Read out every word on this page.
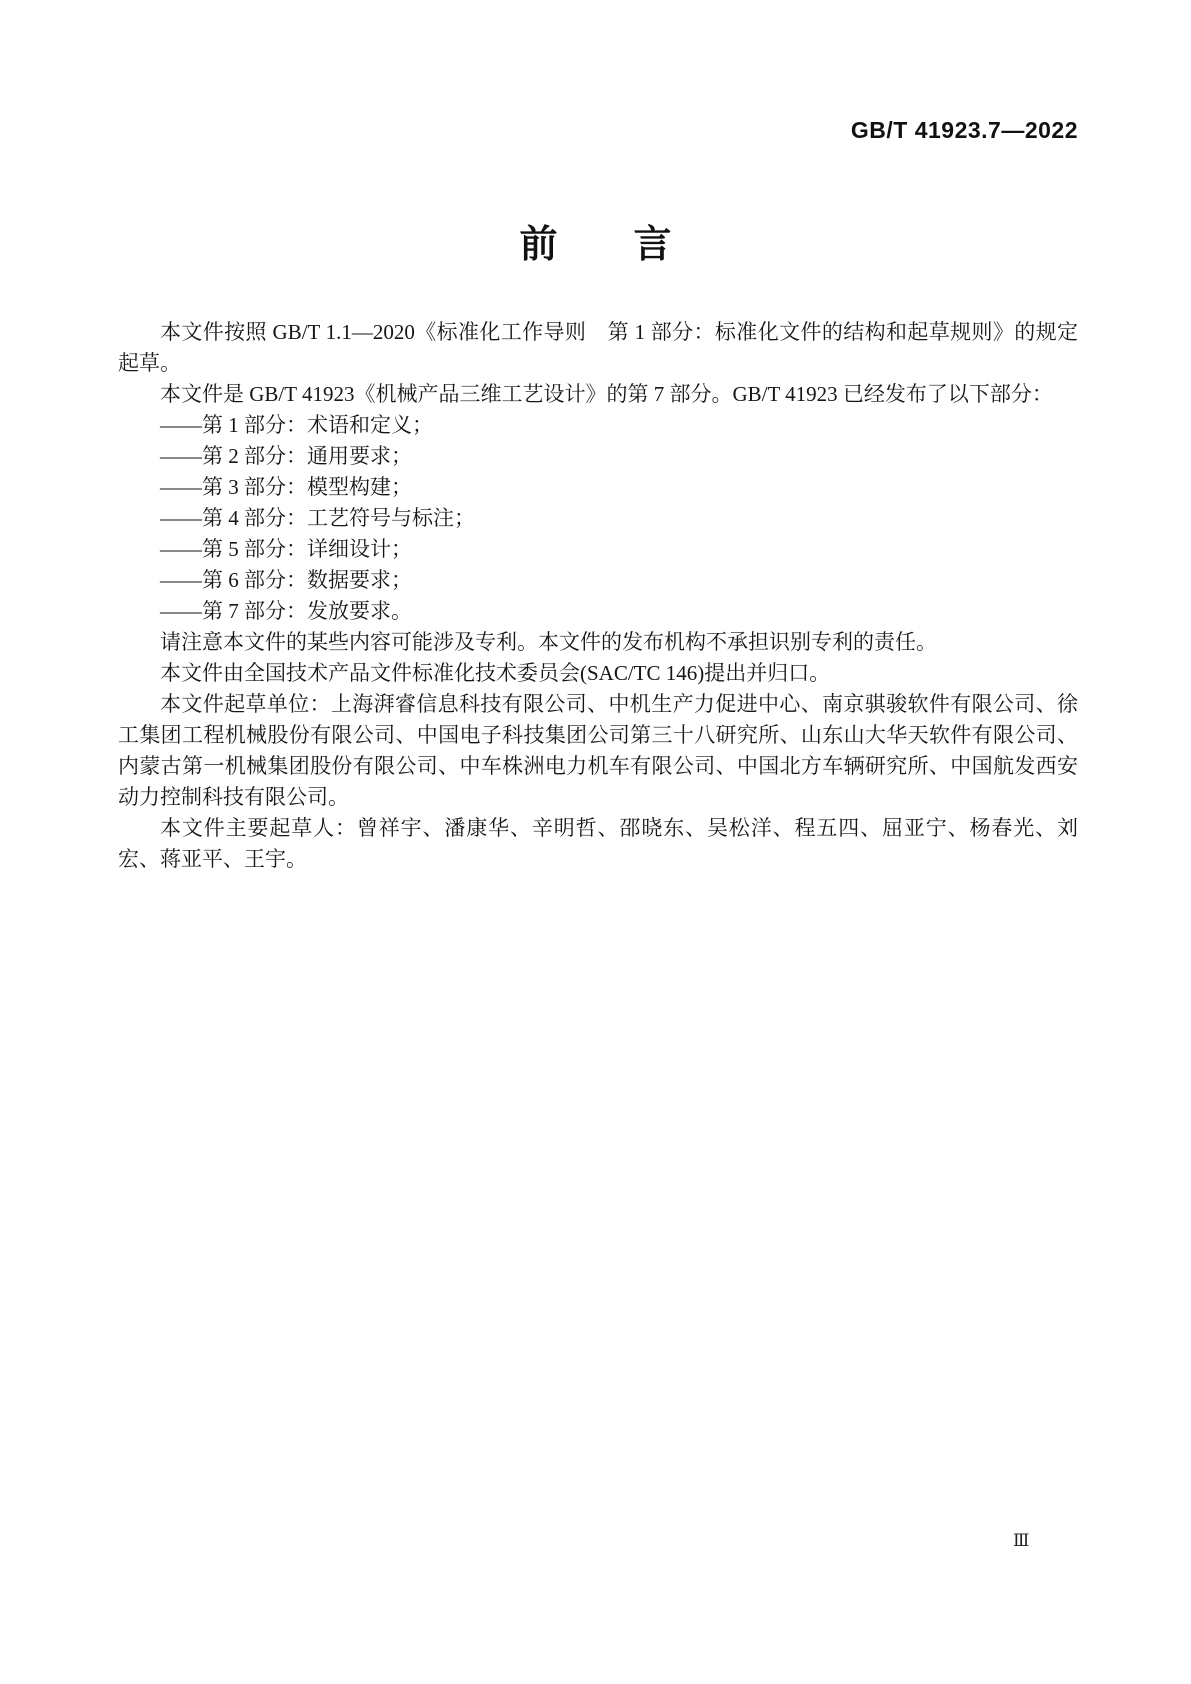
GB/T 41923.7—2022
前　　言

本文件按照 GB/T 1.1—2020《标准化工作导则　第 1 部分：标准化文件的结构和起草规则》的规定起草。

本文件是 GB/T 41923《机械产品三维工艺设计》的第 7 部分。GB/T 41923 已经发布了以下部分：

——第 1 部分：术语和定义；

——第 2 部分：通用要求；

——第 3 部分：模型构建；

——第 4 部分：工艺符号与标注；

——第 5 部分：详细设计；

——第 6 部分：数据要求；

——第 7 部分：发放要求。

请注意本文件的某些内容可能涉及专利。本文件的发布机构不承担识别专利的责任。

本文件由全国技术产品文件标准化技术委员会(SAC/TC 146)提出并归口。

本文件起草单位：上海湃睿信息科技有限公司、中机生产力促进中心、南京骐骏软件有限公司、徐工集团工程机械股份有限公司、中国电子科技集团公司第三十八研究所、山东山大华天软件有限公司、内蒙古第一机械集团股份有限公司、中车株洲电力机车有限公司、中国北方车辆研究所、中国航发西安动力控制科技有限公司。

本文件主要起草人：曾祥宇、潘康华、辛明哲、邵晓东、吴松洋、程五四、屈亚宁、杨春光、刘宏、蒋亚平、王宇。

Ⅲ
